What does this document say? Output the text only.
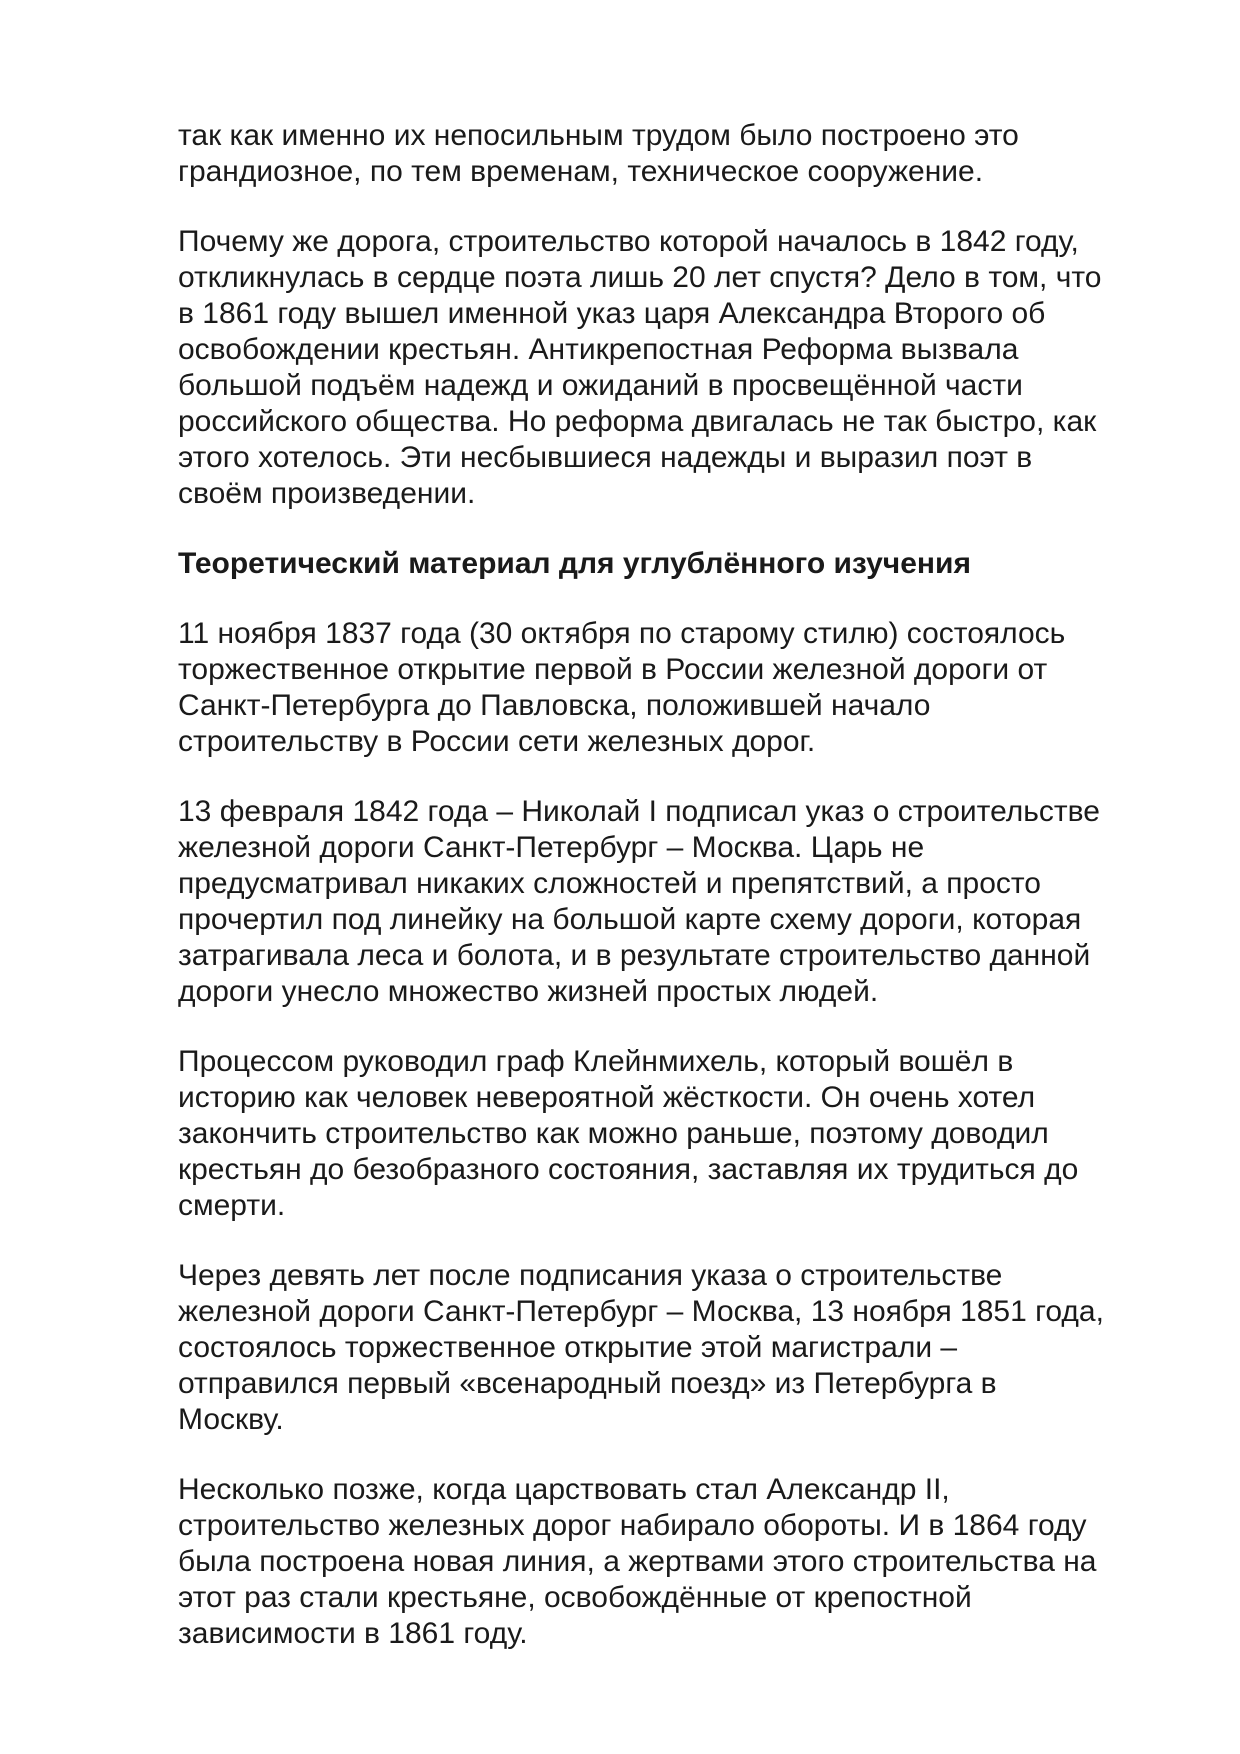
так как именно их непосильным трудом было построено это
грандиозное, по тем временам, техническое сооружение.

Почему же дорога, строительство которой началось в 1842 году,
откликнулась в сердце поэта лишь 20 лет спустя? Дело в том, что
в 1861 году вышел именной указ царя Александра Второго об
освобождении крестьян. Антикрепостная Реформа вызвала
большой подъём надежд и ожиданий в просвещённой части
российского общества. Но реформа двигалась не так быстро, как
этого хотелось. Эти несбывшиеся надежды и выразил поэт в
своём произведении.

Теоретический материал для углублённого изучения

11 ноября 1837 года (30 октября по старому стилю) состоялось
торжественное открытие первой в России железной дороги от
Санкт-Петербурга до Павловска, положившей начало
строительству в России сети железных дорог.

13 февраля 1842 года – Николай I подписал указ о строительстве
железной дороги Санкт-Петербург – Москва. Царь не
предусматривал никаких сложностей и препятствий, а просто
прочертил под линейку на большой карте схему дороги, которая
затрагивала леса и болота, и в результате строительство данной
дороги унесло множество жизней простых людей.

Процессом руководил граф Клейнмихель, который вошёл в
историю как человек невероятной жёсткости. Он очень хотел
закончить строительство как можно раньше, поэтому доводил
крестьян до безобразного состояния, заставляя их трудиться до
смерти.

Через девять лет после подписания указа о строительстве
железной дороги Санкт-Петербург – Москва, 13 ноября 1851 года,
состоялось торжественное открытие этой магистрали –
отправился первый «всенародный поезд» из Петербурга в
Москву.

Несколько позже, когда царствовать стал Александр II,
строительство железных дорог набирало обороты. И в 1864 году
была построена новая линия, а жертвами этого строительства на
этот раз стали крестьяне, освобождённые от крепостной
зависимости в 1861 году.
